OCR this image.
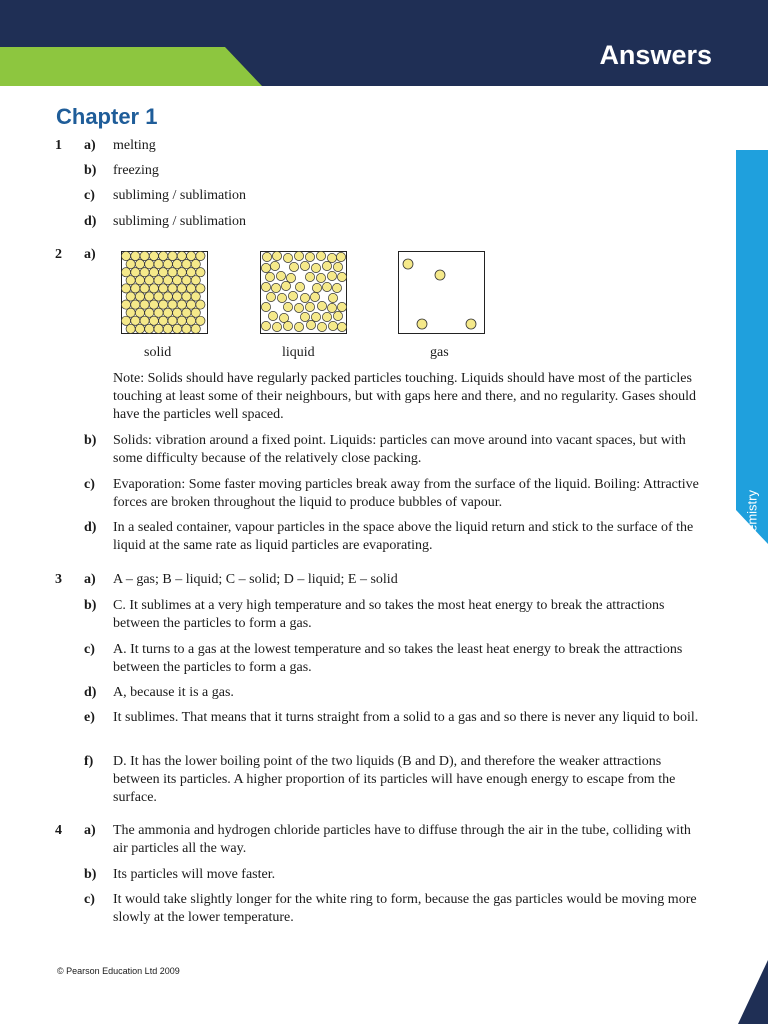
Answers
Chemistry
Chapter 1
1 a) melting
b) freezing
c) subliming / sublimation
d) subliming / sublimation
2 a)
solid	liquid	gas
Note: Solids should have regularly packed particles touching. Liquids should have most of the particles touching at least some of their neighbours, but with gaps here and there, and no regularity. Gases should have the particles well spaced.
b) Solids: vibration around a fixed point. Liquids: particles can move around into vacant spaces, but with some difficulty because of the relatively close packing.
c) Evaporation: Some faster moving particles break away from the surface of the liquid. Boiling: Attractive forces are broken throughout the liquid to produce bubbles of vapour.
d) In a sealed container, vapour particles in the space above the liquid return and stick to the surface of the liquid at the same rate as liquid particles are evaporating.
3 a) A – gas; B – liquid; C – solid; D – liquid; E – solid
b) C. It sublimes at a very high temperature and so takes the most heat energy to break the attractions between the particles to form a gas.
c) A. It turns to a gas at the lowest temperature and so takes the least heat energy to break the attractions between the particles to form a gas.
d) A, because it is a gas.
e) It sublimes. That means that it turns straight from a solid to a gas and so there is never any liquid to boil.
f) D. It has the lower boiling point of the two liquids (B and D), and therefore the weaker attractions between its particles. A higher proportion of its particles will have enough energy to escape from the surface.
4 a) The ammonia and hydrogen chloride particles have to diffuse through the air in the tube, colliding with air particles all the way.
b) Its particles will move faster.
c) It would take slightly longer for the white ring to form, because the gas particles would be moving more slowly at the lower temperature.
© Pearson Education Ltd 2009
1
